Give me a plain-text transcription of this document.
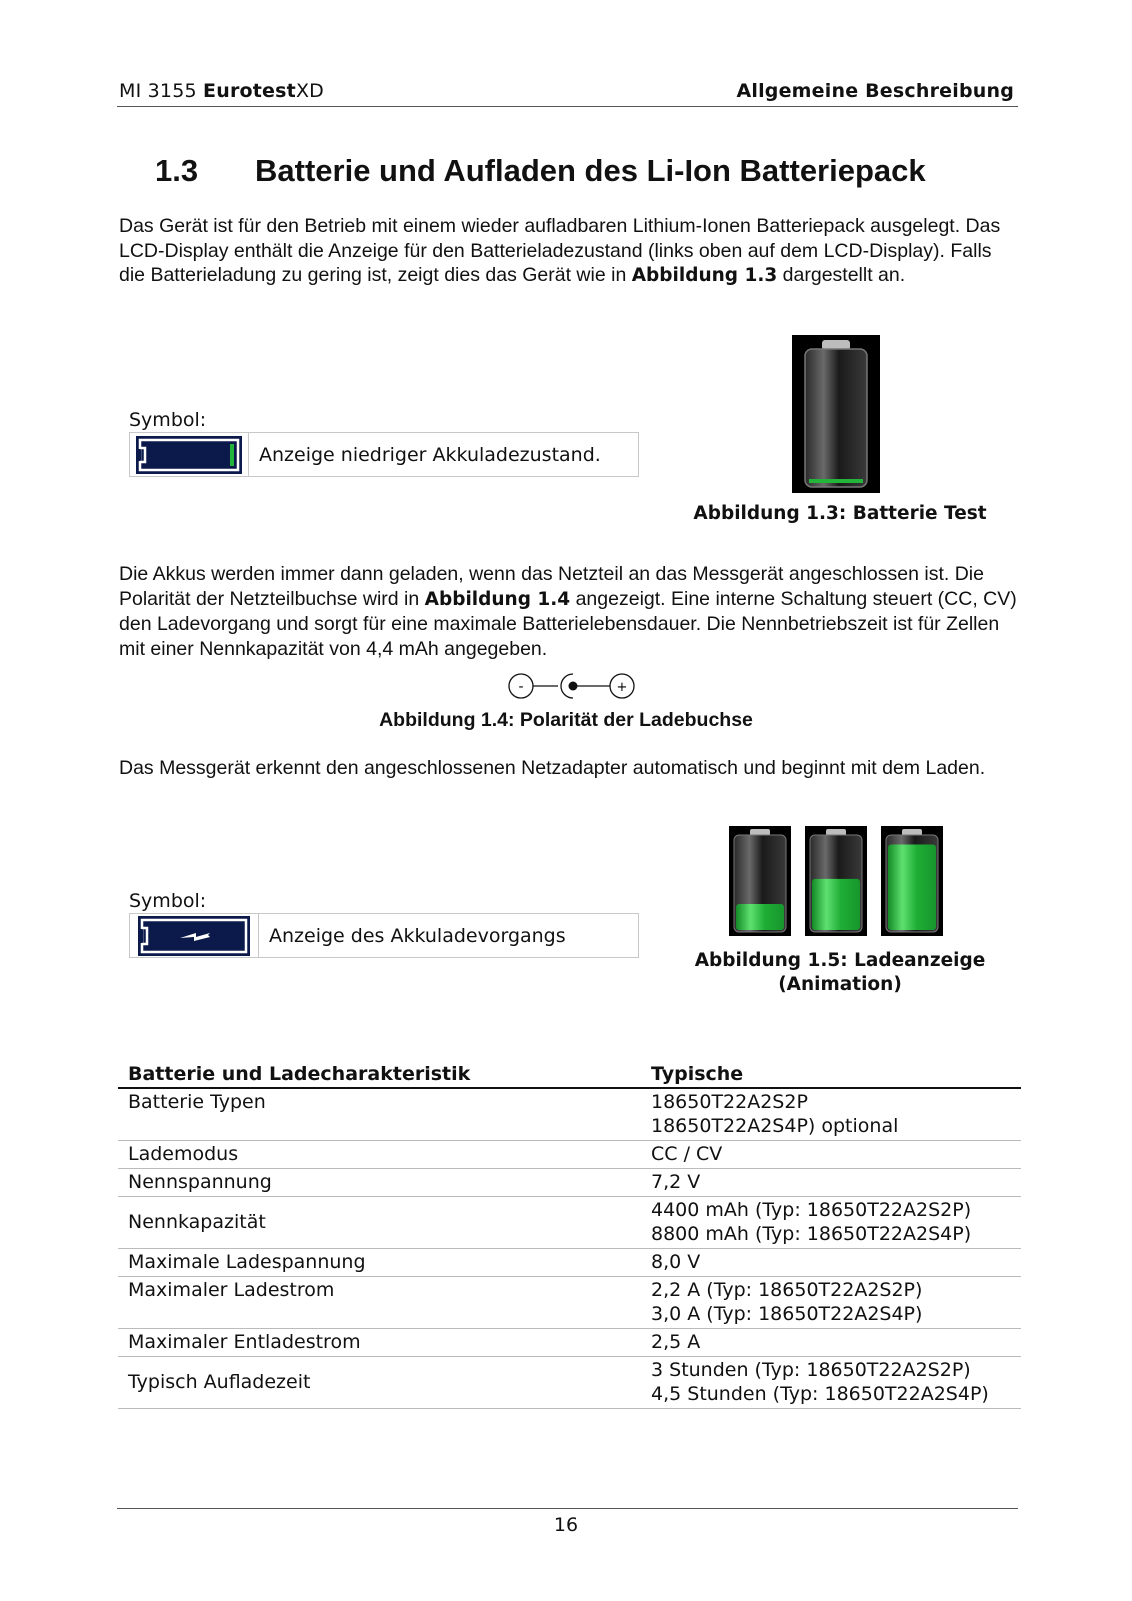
MI 3155 EurotestXD	Allgemeine Beschreibung
1.3 Batterie und Aufladen des Li-Ion Batteriepack
Das Gerät ist für den Betrieb mit einem wieder aufladbaren Lithium-Ionen Batteriepack ausgelegt. Das LCD-Display enthält die Anzeige für den Batterieladezustand (links oben auf dem LCD-Display). Falls die Batterieladung zu gering ist, zeigt dies das Gerät wie in Abbildung 1.3 dargestellt an.
Symbol:
Anzeige niedriger Akkuladezustand.
Abbildung 1.3: Batterie Test
Die Akkus werden immer dann geladen, wenn das Netzteil an das Messgerät angeschlossen ist. Die Polarität der Netzteilbuchse wird in Abbildung 1.4 angezeigt. Eine interne Schaltung steuert (CC, CV) den Ladevorgang und sorgt für eine maximale Batterielebensdauer. Die Nennbetriebszeit ist für Zellen mit einer Nennkapazität von 4,4 mAh angegeben.
-	+
Abbildung 1.4: Polarität der Ladebuchse
Das Messgerät erkennt den angeschlossenen Netzadapter automatisch und beginnt mit dem Laden.
Symbol:
Anzeige des Akkuladevorgangs
Abbildung 1.5: Ladeanzeige
(Animation)
Batterie und Ladecharakteristik	Typische
Batterie Typen	18650T22A2S2P
18650T22A2S4P) optional

Lademodus	CC / CV

Nennspannung	7,2 V

Nennkapazität	4400 mAh (Typ: 18650T22A2S2P)
8800 mAh (Typ: 18650T22A2S4P)

Maximale Ladespannung	8,0 V

Maximaler Ladestrom	2,2 A (Typ: 18650T22A2S2P)
3,0 A (Typ: 18650T22A2S4P)

Maximaler Entladestrom	2,5 A

Typisch Aufladezeit	3 Stunden (Typ: 18650T22A2S2P)
4,5 Stunden (Typ: 18650T22A2S4P)
16
